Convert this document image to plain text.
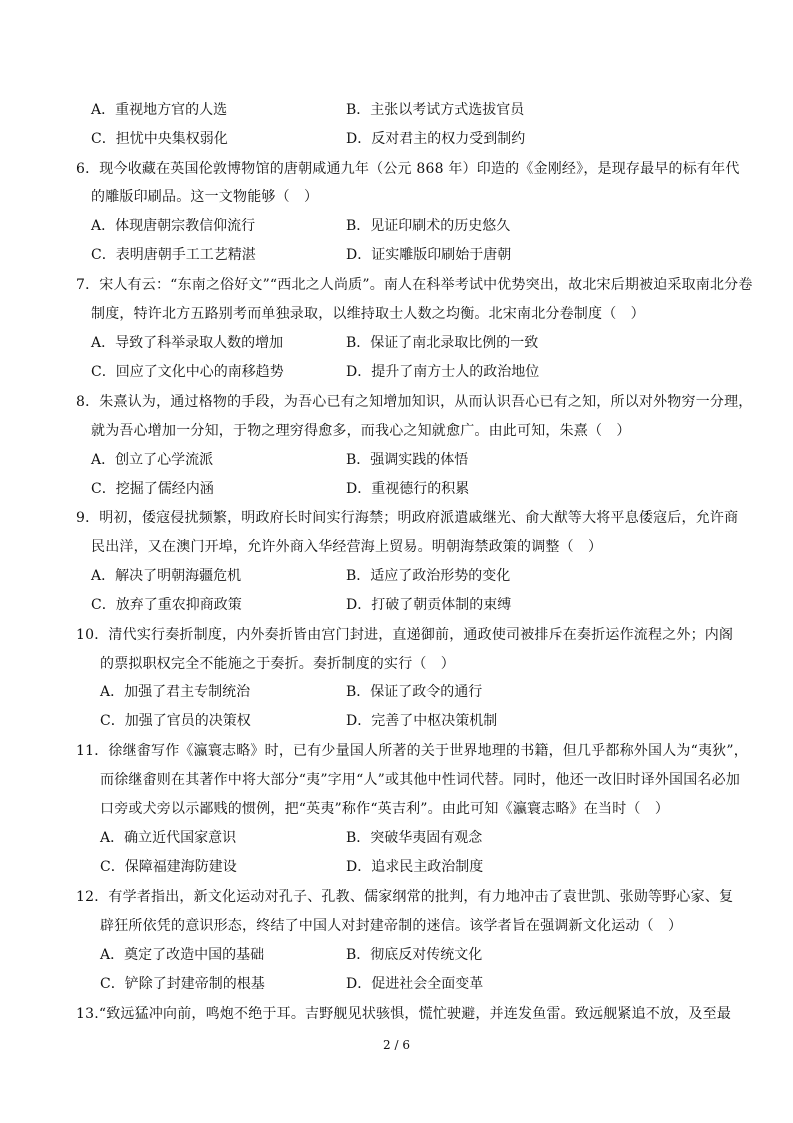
A．重视地方官的人选	B．主张以考试方式选拔官员
C．担忧中央集权弱化	D．反对君主的权力受到制约
6．现今收藏在英国伦敦博物馆的唐朝咸通九年（公元 868 年）印造的《金刚经》，是现存最早的标有年代
的雕版印刷品。这一文物能够（　）
A．体现唐朝宗教信仰流行	B．见证印刷术的历史悠久
C．表明唐朝手工工艺精湛	D．证实雕版印刷始于唐朝
7．宋人有云：“东南之俗好文”“西北之人尚质”。南人在科举考试中优势突出，故北宋后期被迫采取南北分卷
制度，特许北方五路别考而单独录取，以维持取士人数之均衡。北宋南北分卷制度（　）
A．导致了科举录取人数的增加	B．保证了南北录取比例的一致
C．回应了文化中心的南移趋势	D．提升了南方士人的政治地位
8．朱熹认为，通过格物的手段，为吾心已有之知增加知识，从而认识吾心已有之知，所以对外物穷一分理，
就为吾心增加一分知，于物之理穷得愈多，而我心之知就愈广。由此可知，朱熹（　）
A．创立了心学流派	B．强调实践的体悟
C．挖掘了儒经内涵	D．重视德行的积累
9．明初，倭寇侵扰频繁，明政府长时间实行海禁；明政府派遣戚继光、俞大猷等大将平息倭寇后，允许商
民出洋，又在澳门开埠，允许外商入华经营海上贸易。明朝海禁政策的调整（　）
A．解决了明朝海疆危机	B．适应了政治形势的变化
C．放弃了重农抑商政策	D．打破了朝贡体制的束缚
10．清代实行奏折制度，内外奏折皆由宫门封进，直递御前，通政使司被排斥在奏折运作流程之外；内阁
的票拟职权完全不能施之于奏折。奏折制度的实行（　）
A．加强了君主专制统治	B．保证了政令的通行
C．加强了官员的决策权	D．完善了中枢决策机制
11．徐继畬写作《瀛寰志略》时，已有少量国人所著的关于世界地理的书籍，但几乎都称外国人为“夷狄”，
而徐继畬则在其著作中将大部分“夷”字用“人”或其他中性词代替。同时，他还一改旧时译外国国名必加
口旁或犬旁以示鄙贱的惯例，把“英夷”称作“英吉利”。由此可知《瀛寰志略》在当时（　）
A．确立近代国家意识	B．突破华夷固有观念
C．保障福建海防建设	D．追求民主政治制度
12．有学者指出，新文化运动对孔子、孔教、儒家纲常的批判，有力地冲击了袁世凯、张勋等野心家、复
辟狂所依凭的意识形态，终结了中国人对封建帝制的迷信。该学者旨在强调新文化运动（　）
A．奠定了改造中国的基础	B．彻底反对传统文化
C．铲除了封建帝制的根基	D．促进社会全面变革
13.“致远猛冲向前，鸣炮不绝于耳。吉野舰见状骇惧，慌忙驶避，并连发鱼雷。致远舰紧追不放，及至最
2 / 6
